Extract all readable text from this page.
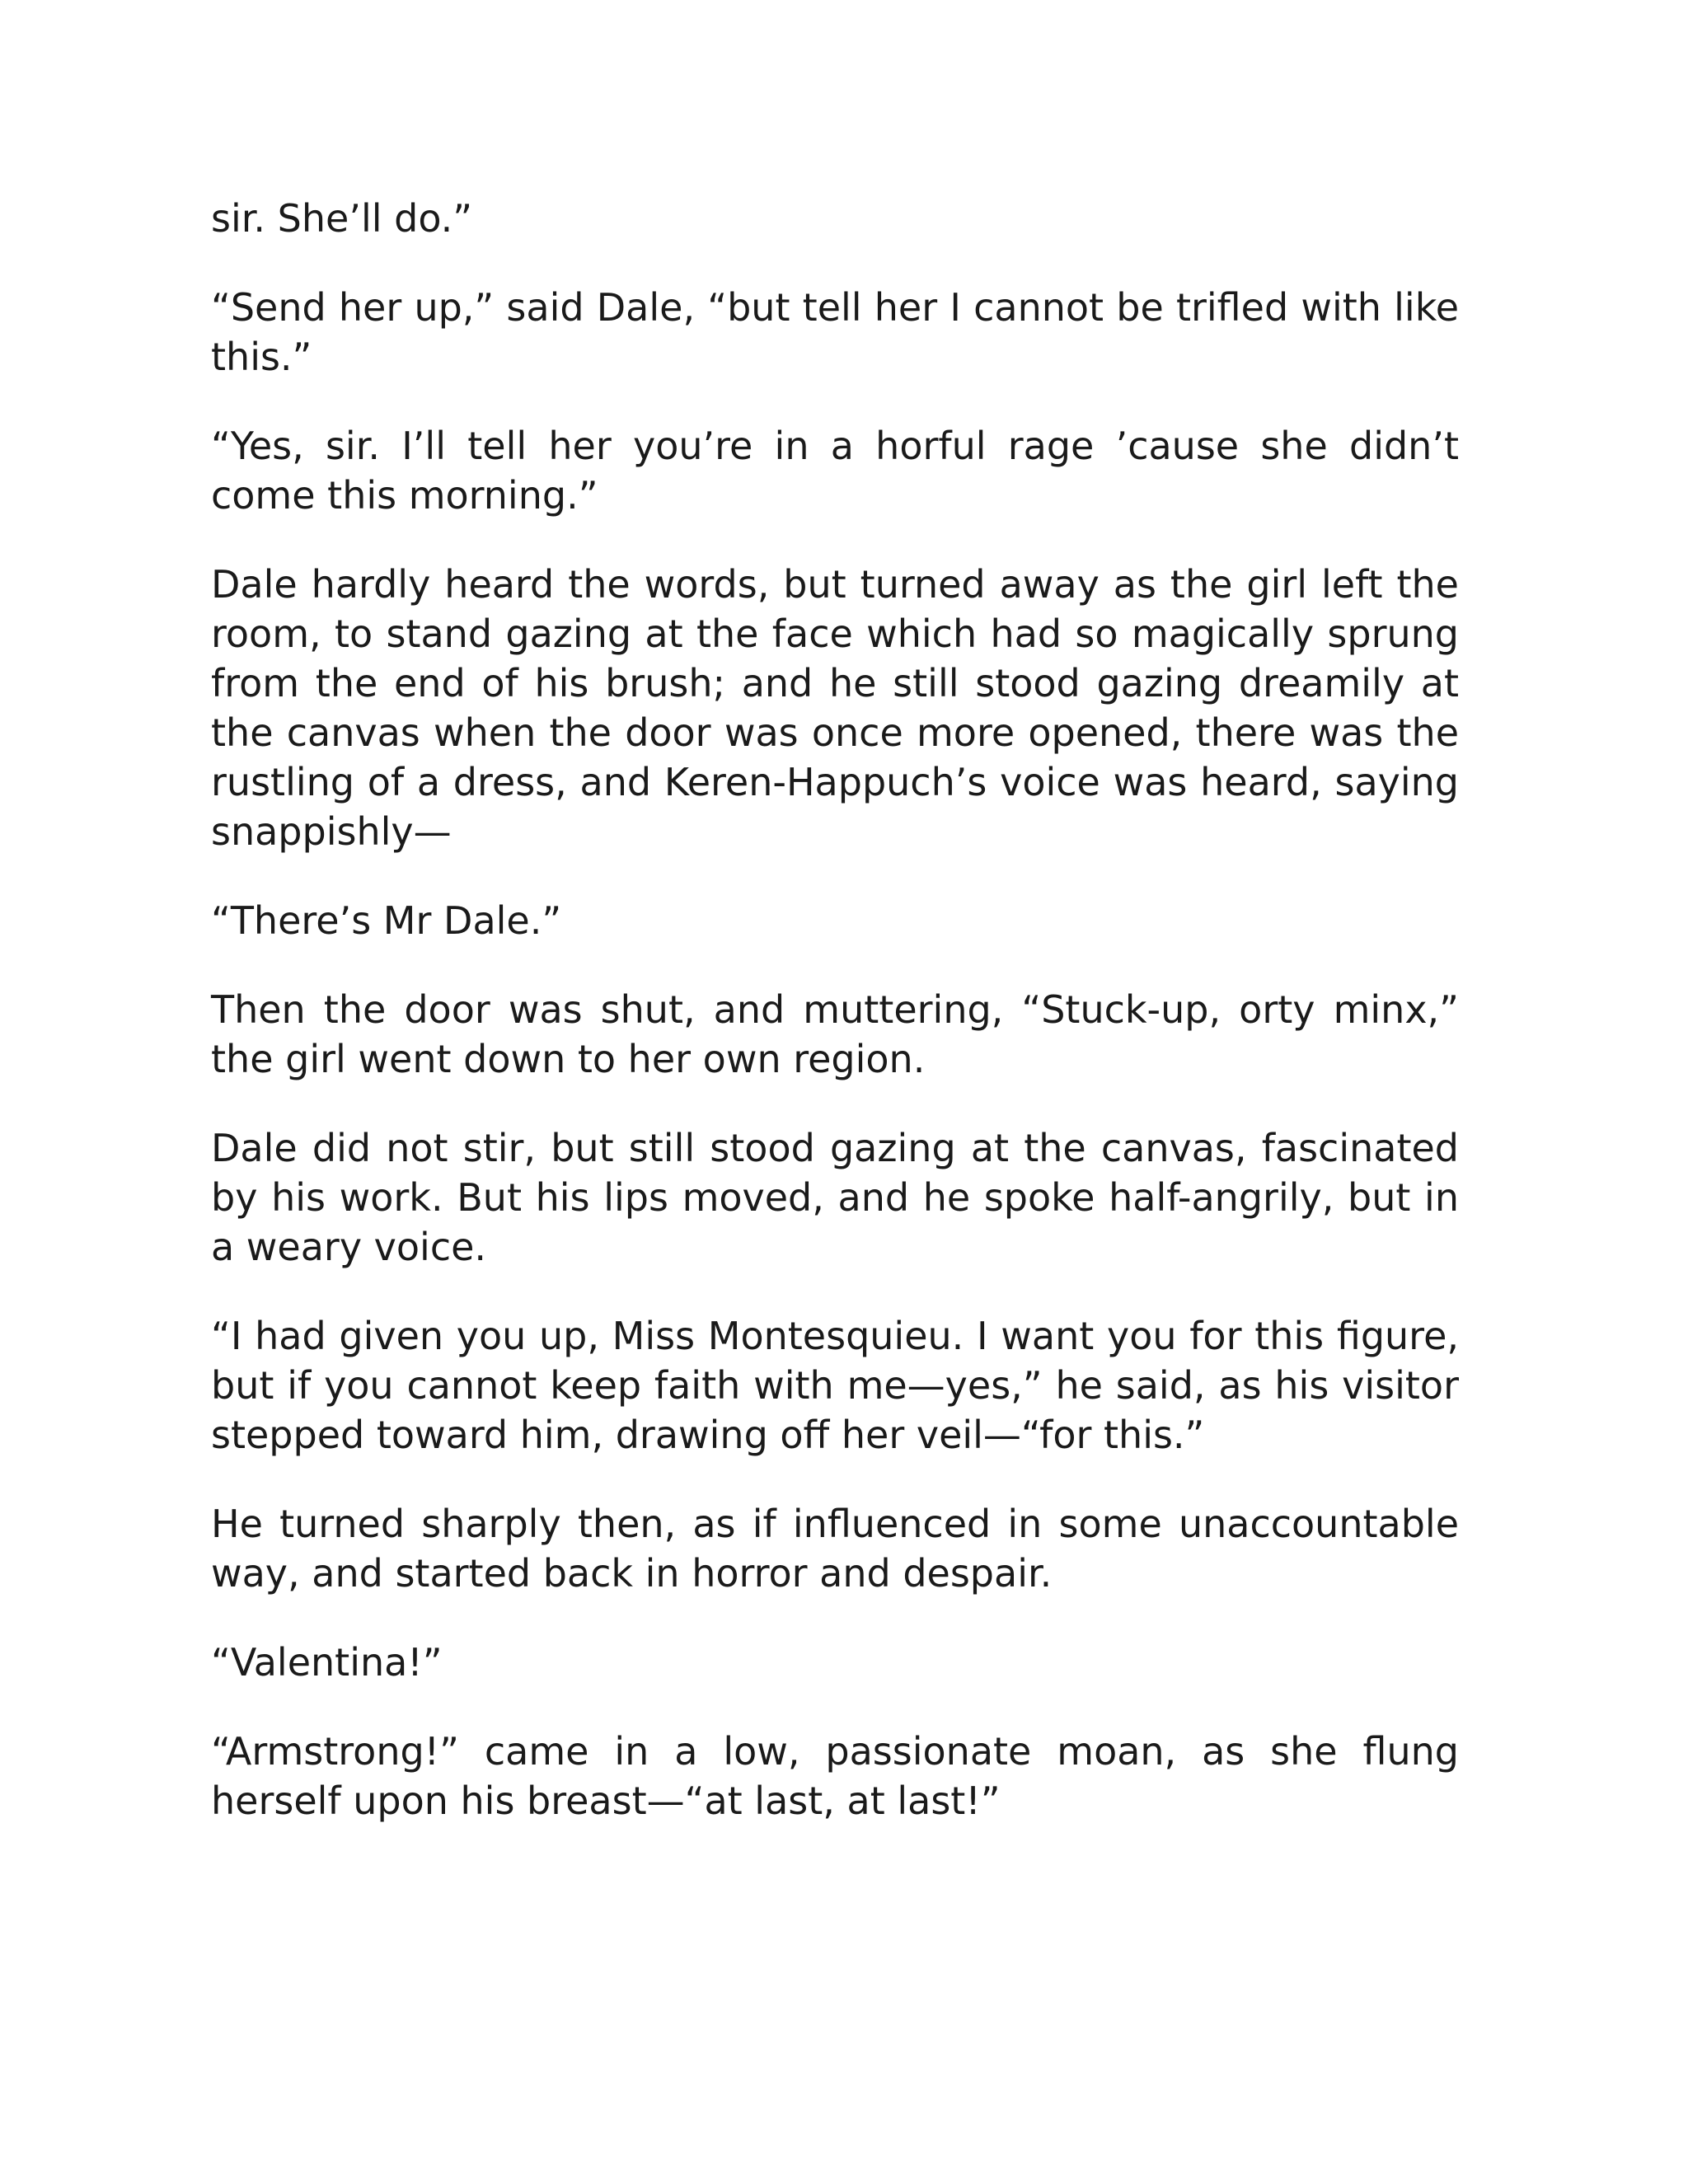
sir. She’ll do.”

“Send her up,” said Dale, “but tell her I cannot be trifled with like this.”

“Yes, sir. I’ll tell her you’re in a horful rage ’cause she didn’t come this morning.”

Dale hardly heard the words, but turned away as the girl left the room, to stand gazing at the face which had so magically sprung from the end of his brush; and he still stood gazing dreamily at the canvas when the door was once more opened, there was the rustling of a dress, and Keren-Happuch’s voice was heard, saying snappishly—

“There’s Mr Dale.”

Then the door was shut, and muttering, “Stuck-up, orty minx,” the girl went down to her own region.

Dale did not stir, but still stood gazing at the canvas, fascinated by his work. But his lips moved, and he spoke half-angrily, but in a weary voice.

“I had given you up, Miss Montesquieu. I want you for this figure, but if you cannot keep faith with me—yes,” he said, as his visitor stepped toward him, drawing off her veil—“for this.”

He turned sharply then, as if influenced in some unaccountable way, and started back in horror and despair.

“Valentina!”

“Armstrong!” came in a low, passionate moan, as she flung herself upon his breast—“at last, at last!”
